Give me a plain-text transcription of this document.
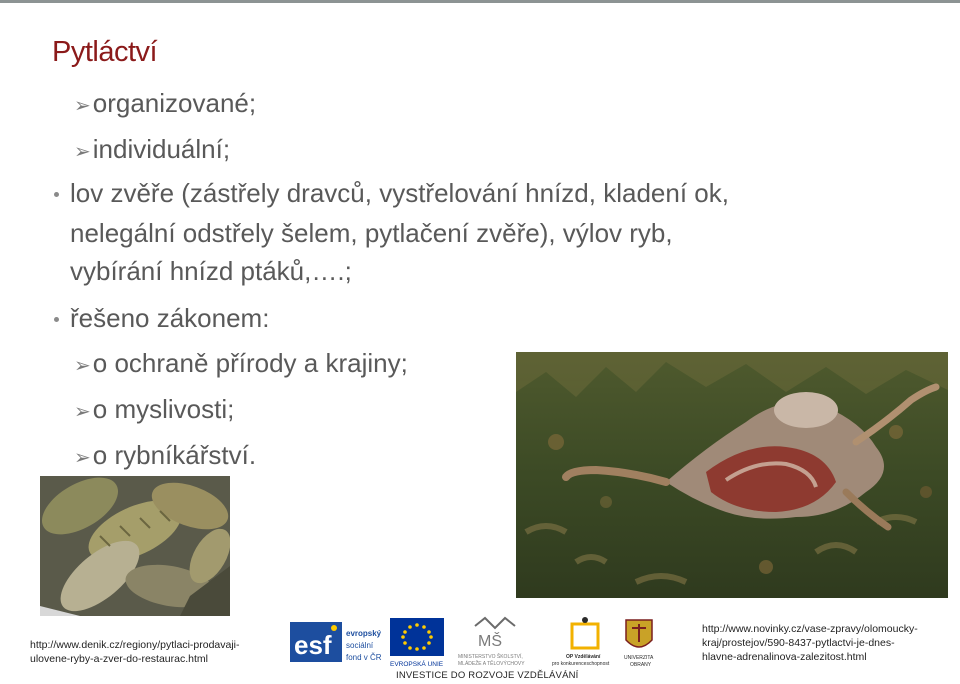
Pytláctví
➢organizované;
➢individuální;
lov zvěře (zástřely dravců, vystřelování hnízd, kladení ok,
nelegální odstřely šelem, pytlačení zvěře), výlov ryb,
vybírání hnízd ptáků,….;
řešeno zákonem:
➢o ochraně přírody a krajiny;
➢o myslivosti;
➢o rybníkářství.
http://www.denik.cz/regiony/pytlaci-prodavaji-
ulovene-ryby-a-zver-do-restaurac.html
http://www.novinky.cz/vase-zpravy/olomoucky-
kraj/prostejov/590-8437-pytlactvi-je-dnes-
hlavne-adrenalinova-zalezitost.html
esf evropský
sociální
fond v ČR
EVROPSKÁ UNIE
MŠ
MINISTERSTVO ŠKOLSTVÍ,
MLÁDEŽE A TĚLOVÝCHOVY
OP Vzdělávání
pro konkurenceschopnost
UNIVERZITA
OBRANY
INVESTICE DO ROZVOJE VZDĚLÁVÁNÍ
